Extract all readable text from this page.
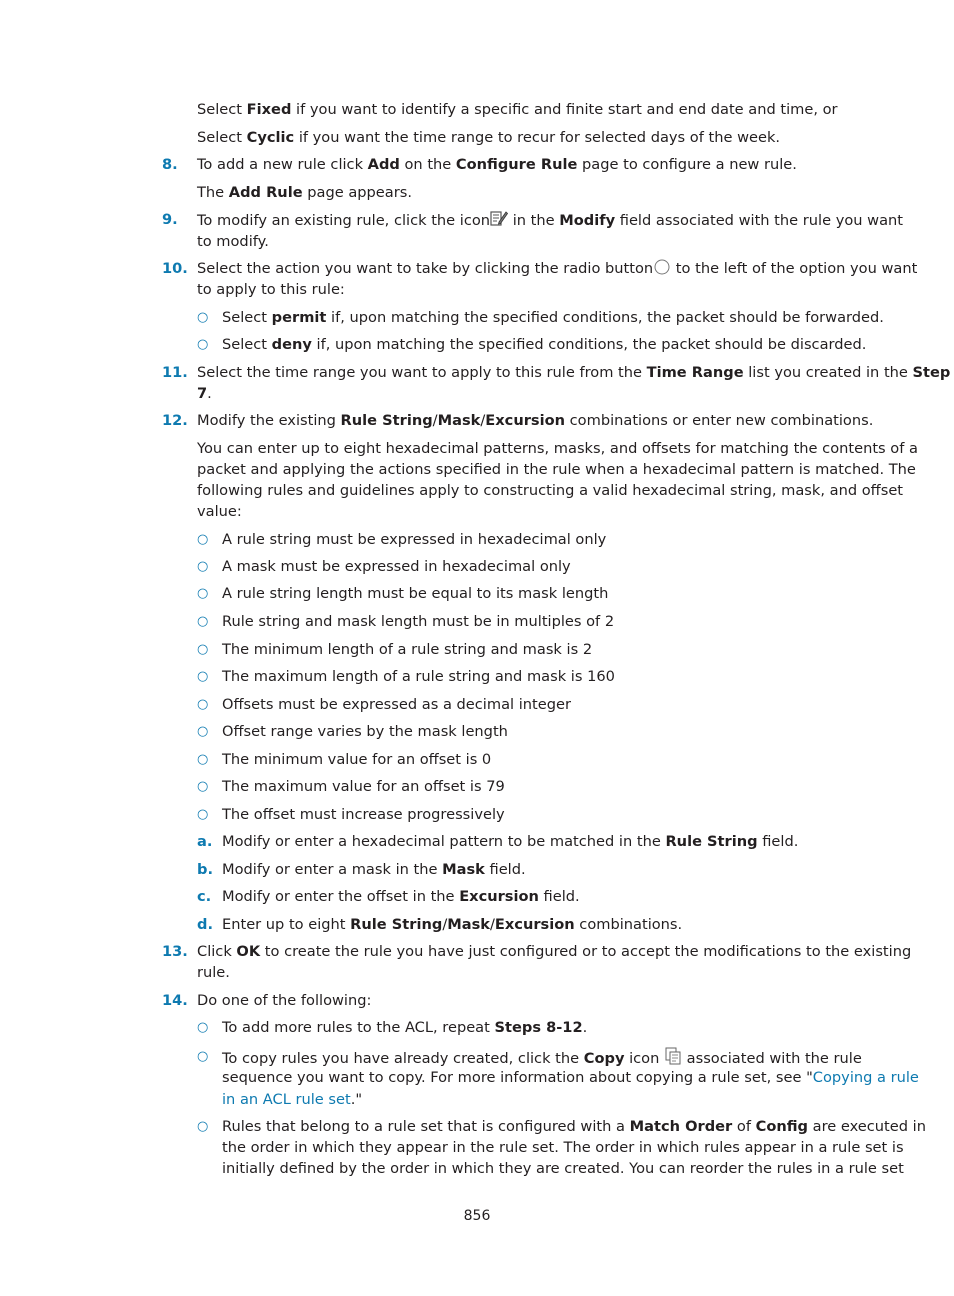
Select Fixed if you want to identify a specific and finite start and end date and time, or
Select Cyclic if you want the time range to recur for selected days of the week.
8. To add a new rule click Add on the Configure Rule page to configure a new rule.
The Add Rule page appears.
9. To modify an existing rule, click the icon in the Modify field associated with the rule you want
to modify.
10. Select the action you want to take by clicking the radio button to the left of the option you want
to apply to this rule:
○ Select permit if, upon matching the specified conditions, the packet should be forwarded.
○ Select deny if, upon matching the specified conditions, the packet should be discarded.
11. Select the time range you want to apply to this rule from the Time Range list you created in the Step
7.
12. Modify the existing Rule String/Mask/Excursion combinations or enter new combinations.
You can enter up to eight hexadecimal patterns, masks, and offsets for matching the contents of a
packet and applying the actions specified in the rule when a hexadecimal pattern is matched. The
following rules and guidelines apply to constructing a valid hexadecimal string, mask, and offset
value:
○ A rule string must be expressed in hexadecimal only
○ A mask must be expressed in hexadecimal only
○ A rule string length must be equal to its mask length
○ Rule string and mask length must be in multiples of 2
○ The minimum length of a rule string and mask is 2
○ The maximum length of a rule string and mask is 160
○ Offsets must be expressed as a decimal integer
○ Offset range varies by the mask length
○ The minimum value for an offset is 0
○ The maximum value for an offset is 79
○ The offset must increase progressively
a. Modify or enter a hexadecimal pattern to be matched in the Rule String field.
b. Modify or enter a mask in the Mask field.
c. Modify or enter the offset in the Excursion field.
d. Enter up to eight Rule String/Mask/Excursion combinations.
13. Click OK to create the rule you have just configured or to accept the modifications to the existing
rule.
14. Do one of the following:
○ To add more rules to the ACL, repeat Steps 8-12.
○ To copy rules you have already created, click the Copy icon  associated with the rule
sequence you want to copy. For more information about copying a rule set, see "Copying a rule
in an ACL rule set."
○ Rules that belong to a rule set that is configured with a Match Order of Config are executed in
the order in which they appear in the rule set. The order in which rules appear in a rule set is
initially defined by the order in which they are created. You can reorder the rules in a rule set
856
